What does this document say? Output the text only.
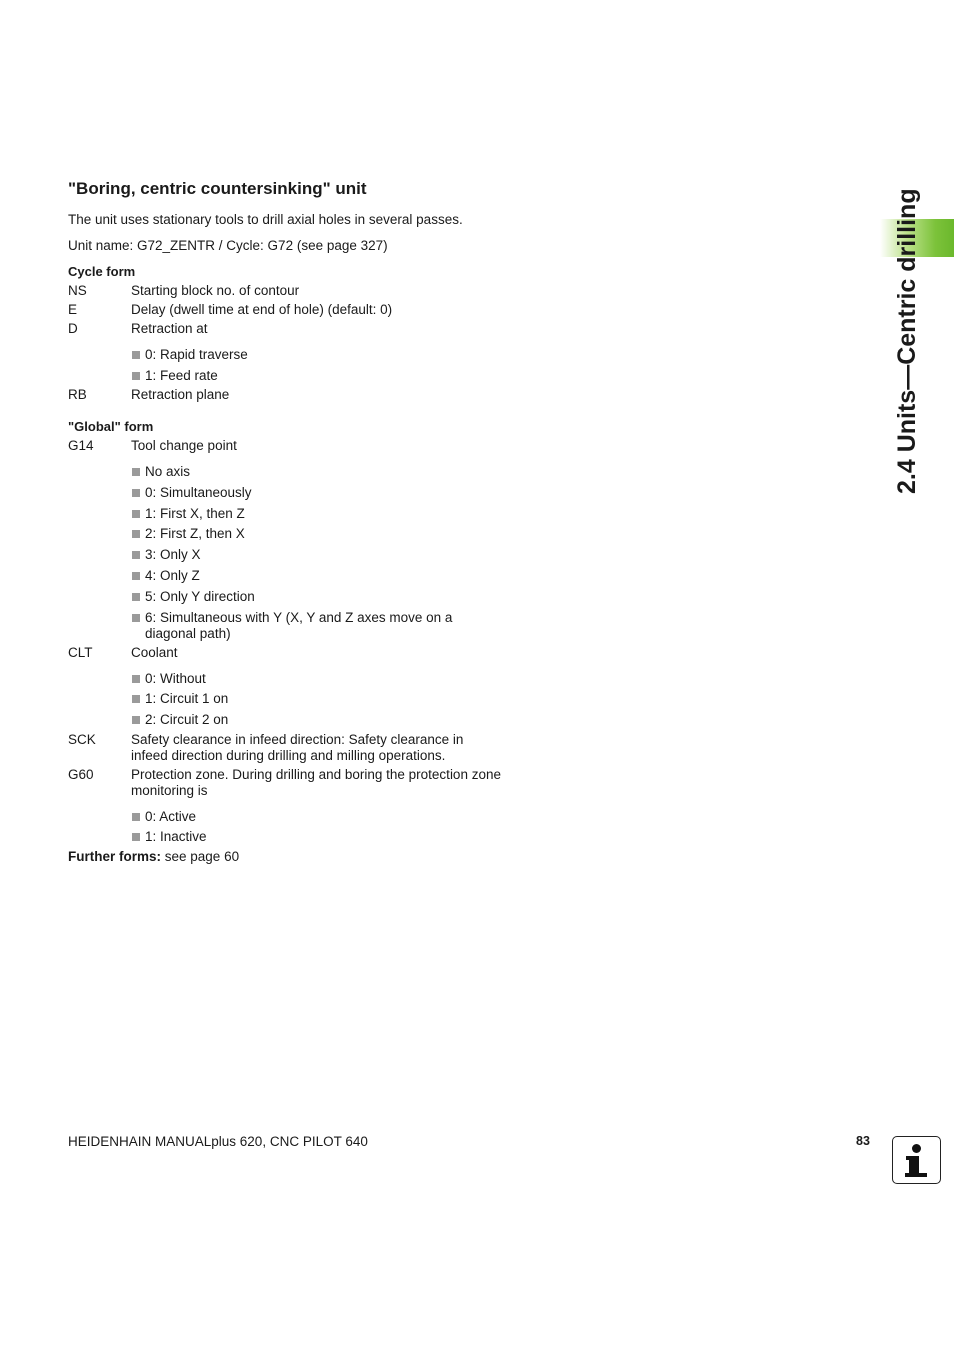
2.4 Units—Centric drilling
"Boring, centric countersinking" unit
The unit uses stationary tools to drill axial holes in several passes.
Unit name: G72_ZENTR / Cycle: G72 (see page 327)
Cycle form
NS	Starting block no. of contour
E	Delay (dwell time at end of hole) (default: 0)
D	Retraction at
0: Rapid traverse
1: Feed rate
RB	Retraction plane
"Global" form
G14	Tool change point
No axis
0: Simultaneously
1: First X, then Z
2: First Z, then X
3: Only X
4: Only Z
5: Only Y direction
6: Simultaneous with Y (X, Y and Z axes move on a diagonal path)
CLT	Coolant
0: Without
1: Circuit 1 on
2: Circuit 2 on
SCK	Safety clearance in infeed direction: Safety clearance in infeed direction during drilling and milling operations.
G60	Protection zone. During drilling and boring the protection zone monitoring is
0: Active
1: Inactive
Further forms: see page 60
HEIDENHAIN MANUALplus 620, CNC PILOT 640	83
